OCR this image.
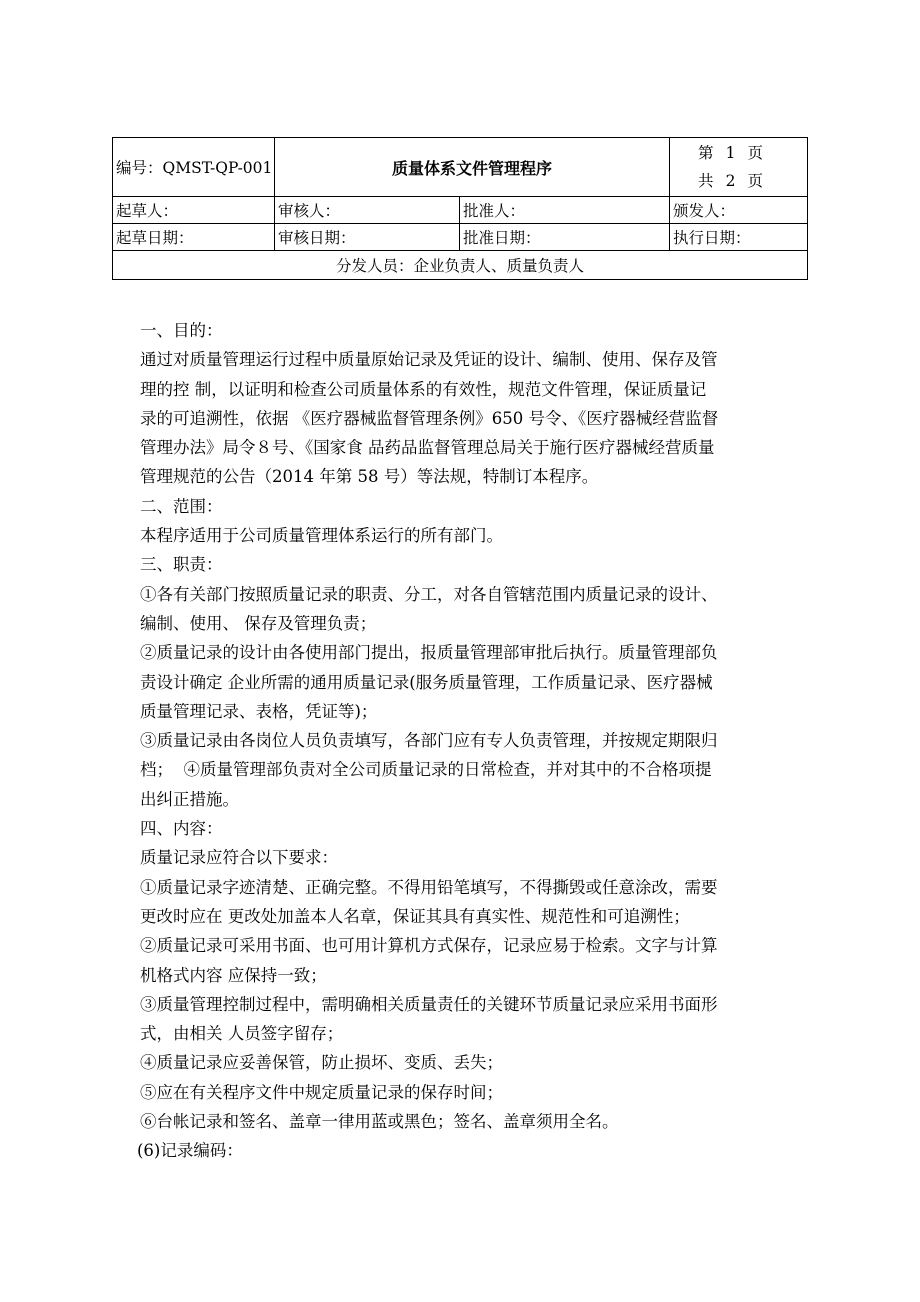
编号：QMST-QP-001	质量体系文件管理程序		第 1 页
共 2 页

起草人：	审核人：	批准人：	颁发人：
起草日期：	审核日期：	批准日期：	执行日期：
分发人员：企业负责人、质量负责人			

一、目的：

通过对质量管理运行过程中质量原始记录及凭证的设计、编制、使用、保存及管

理的控 制，以证明和检查公司质量体系的有效性，规范文件管理，保证质量记

录的可追溯性，依据 《医疗器械监督管理条例》650 号令、《医疗器械经营监督

管理办法》局令８号、《国家食 品药品监督管理总局关于施行医疗器械经营质量

管理规范的公告（2014 年第 58 号）等法规，特制订本程序。

二、范围：

本程序适用于公司质量管理体系运行的所有部门。

三、职责：

①各有关部门按照质量记录的职责、分工，对各自管辖范围内质量记录的设计、

编制、使用、 保存及管理负责；

②质量记录的设计由各使用部门提出，报质量管理部审批后执行。质量管理部负

责设计确定 企业所需的通用质量记录(服务质量管理，工作质量记录、医疗器械

质量管理记录、表格，凭证等)；

③质量记录由各岗位人员负责填写，各部门应有专人负责管理，并按规定期限归

档；  ④质量管理部负责对全公司质量记录的日常检查，并对其中的不合格项提

出纠正措施。

四、内容：

质量记录应符合以下要求：

①质量记录字迹清楚、正确完整。不得用铅笔填写，不得撕毁或任意涂改，需要

更改时应在 更改处加盖本人名章，保证其具有真实性、规范性和可追溯性；

②质量记录可采用书面、也可用计算机方式保存，记录应易于检索。文字与计算

机格式内容 应保持一致；

③质量管理控制过程中，需明确相关质量责任的关键环节质量记录应采用书面形

式，由相关 人员签字留存；

④质量记录应妥善保管，防止损坏、变质、丢失；

⑤应在有关程序文件中规定质量记录的保存时间；

⑥台帐记录和签名、盖章一律用蓝或黑色；签名、盖章须用全名。

(6)记录编码：
